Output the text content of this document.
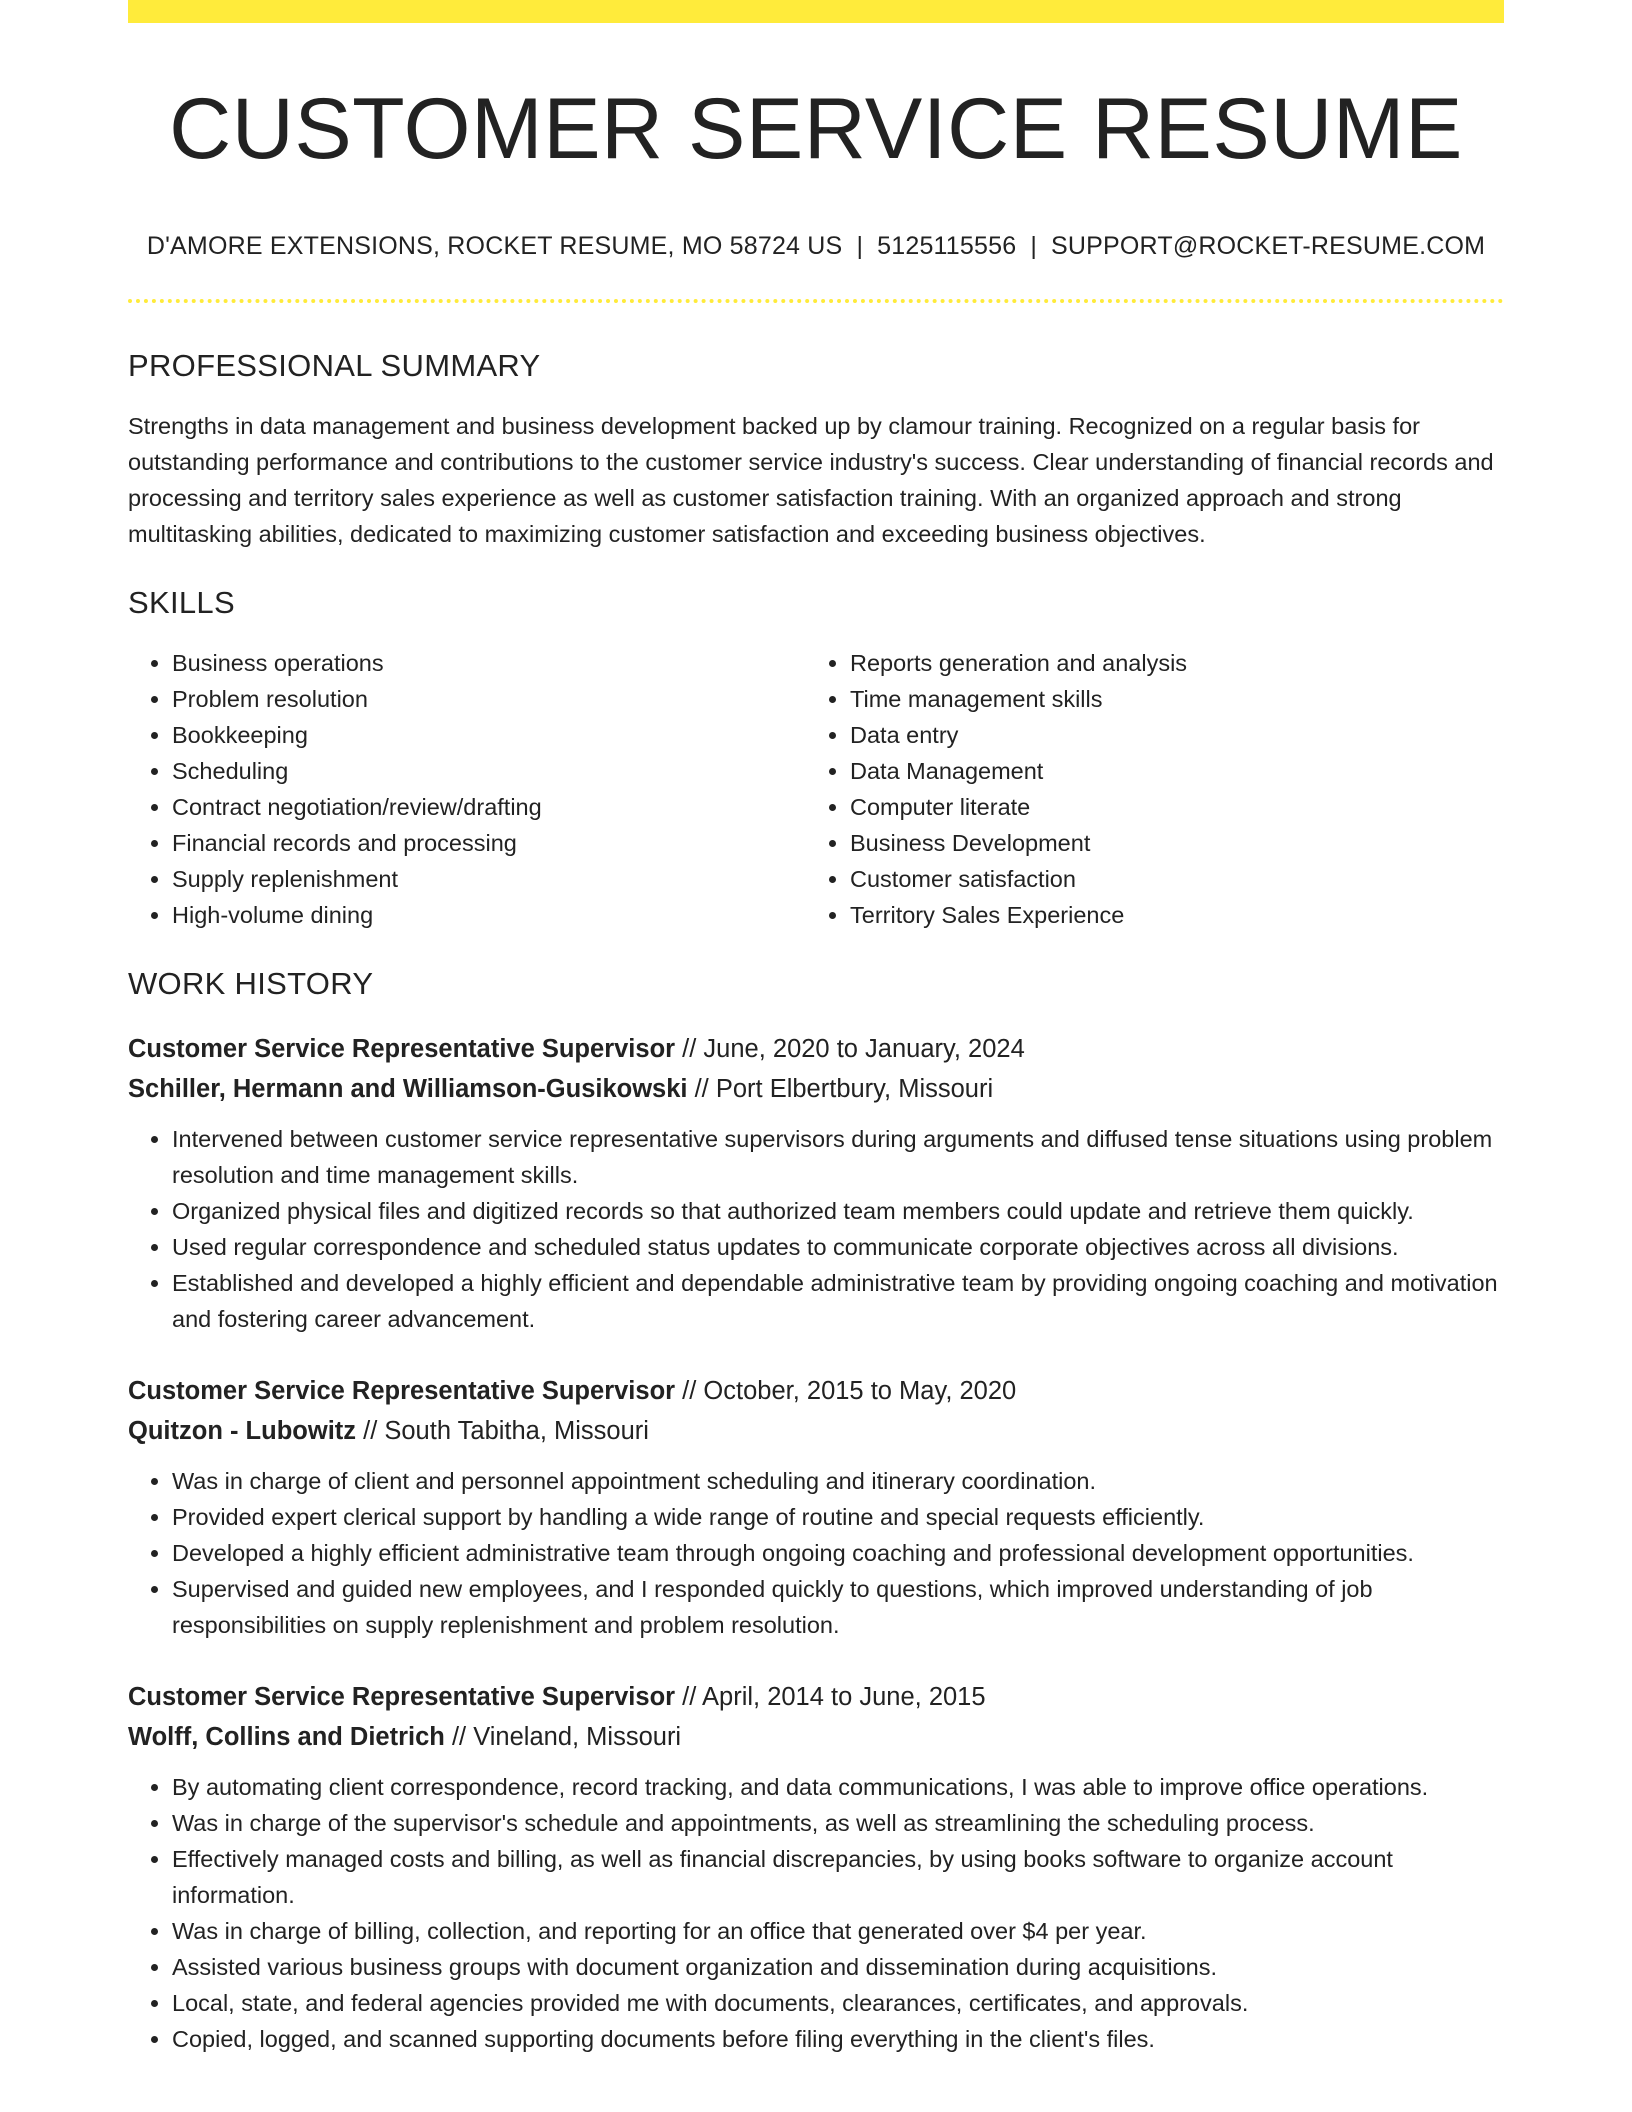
CUSTOMER SERVICE RESUME
D'AMORE EXTENSIONS, ROCKET RESUME, MO 58724 US | 5125115556 | SUPPORT@ROCKET-RESUME.COM
PROFESSIONAL SUMMARY
Strengths in data management and business development backed up by clamour training. Recognized on a regular basis for outstanding performance and contributions to the customer service industry's success. Clear understanding of financial records and processing and territory sales experience as well as customer satisfaction training. With an organized approach and strong multitasking abilities, dedicated to maximizing customer satisfaction and exceeding business objectives.
SKILLS
• Business operations
• Problem resolution
• Bookkeeping
• Scheduling
• Contract negotiation/review/drafting
• Financial records and processing
• Supply replenishment
• High-volume dining
• Reports generation and analysis
• Time management skills
• Data entry
• Data Management
• Computer literate
• Business Development
• Customer satisfaction
• Territory Sales Experience
WORK HISTORY
Customer Service Representative Supervisor // June, 2020 to January, 2024
Schiller, Hermann and Williamson-Gusikowski // Port Elbertbury, Missouri
• Intervened between customer service representative supervisors during arguments and diffused tense situations using problem resolution and time management skills.
• Organized physical files and digitized records so that authorized team members could update and retrieve them quickly.
• Used regular correspondence and scheduled status updates to communicate corporate objectives across all divisions.
• Established and developed a highly efficient and dependable administrative team by providing ongoing coaching and motivation and fostering career advancement.
Customer Service Representative Supervisor // October, 2015 to May, 2020
Quitzon - Lubowitz // South Tabitha, Missouri
• Was in charge of client and personnel appointment scheduling and itinerary coordination.
• Provided expert clerical support by handling a wide range of routine and special requests efficiently.
• Developed a highly efficient administrative team through ongoing coaching and professional development opportunities.
• Supervised and guided new employees, and I responded quickly to questions, which improved understanding of job responsibilities on supply replenishment and problem resolution.
Customer Service Representative Supervisor // April, 2014 to June, 2015
Wolff, Collins and Dietrich // Vineland, Missouri
• By automating client correspondence, record tracking, and data communications, I was able to improve office operations.
• Was in charge of the supervisor's schedule and appointments, as well as streamlining the scheduling process.
• Effectively managed costs and billing, as well as financial discrepancies, by using books software to organize account information.
• Was in charge of billing, collection, and reporting for an office that generated over $4 per year.
• Assisted various business groups with document organization and dissemination during acquisitions.
• Local, state, and federal agencies provided me with documents, clearances, certificates, and approvals.
• Copied, logged, and scanned supporting documents before filing everything in the client's files.
